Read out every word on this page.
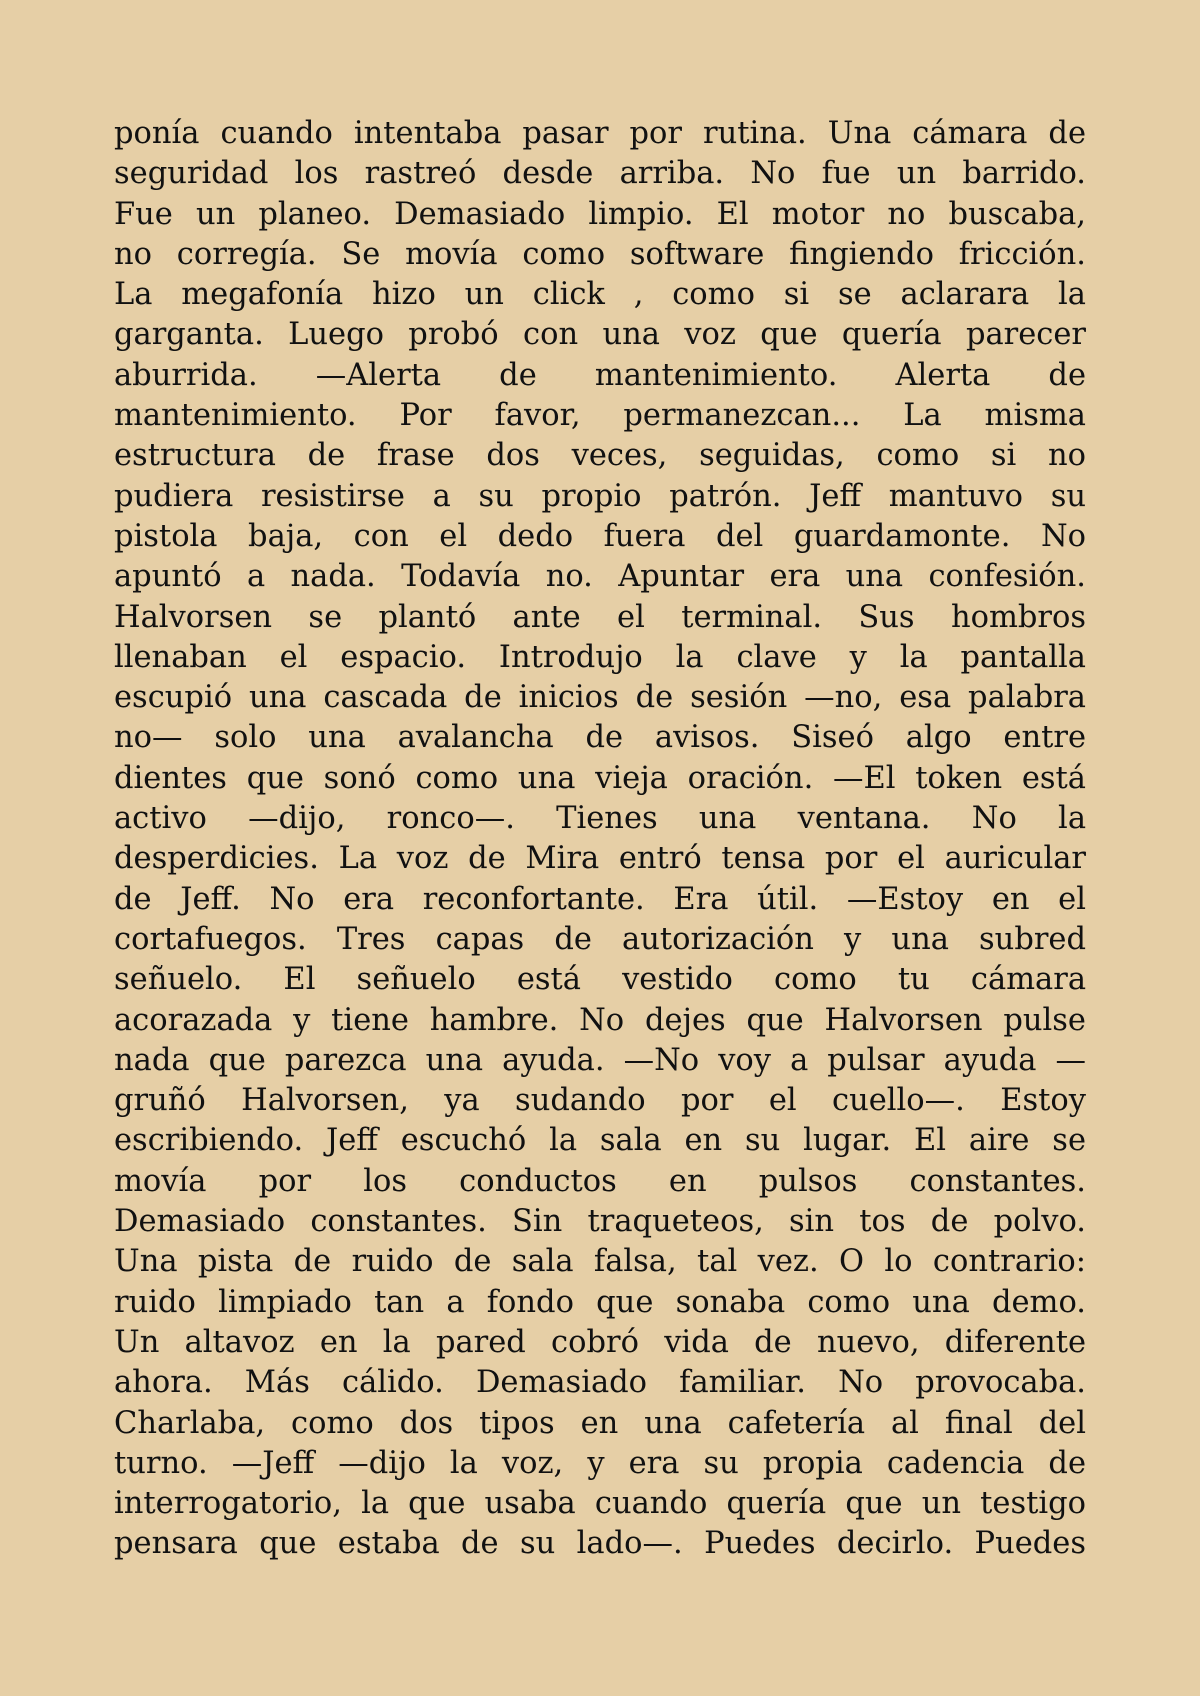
ponía cuando intentaba pasar por rutina. Una cámara de
seguridad los rastreó desde arriba. No fue un barrido.
Fue un planeo. Demasiado limpio. El motor no buscaba,
no corregía. Se movía como software fingiendo fricción.
La megafonía hizo un click , como si se aclarara la
garganta. Luego probó con una voz que quería parecer
aburrida. —Alerta de mantenimiento. Alerta de
mantenimiento. Por favor, permanezcan... La misma
estructura de frase dos veces, seguidas, como si no
pudiera resistirse a su propio patrón. Jeff mantuvo su
pistola baja, con el dedo fuera del guardamonte. No
apuntó a nada. Todavía no. Apuntar era una confesión.
Halvorsen se plantó ante el terminal. Sus hombros
llenaban el espacio. Introdujo la clave y la pantalla
escupió una cascada de inicios de sesión —no, esa palabra
no— solo una avalancha de avisos. Siseó algo entre
dientes que sonó como una vieja oración. —El token está
activo —dijo, ronco—. Tienes una ventana. No la
desperdicies. La voz de Mira entró tensa por el auricular
de Jeff. No era reconfortante. Era útil. —Estoy en el
cortafuegos. Tres capas de autorización y una subred
señuelo. El señuelo está vestido como tu cámara
acorazada y tiene hambre. No dejes que Halvorsen pulse
nada que parezca una ayuda. —No voy a pulsar ayuda —
gruñó Halvorsen, ya sudando por el cuello—. Estoy
escribiendo. Jeff escuchó la sala en su lugar. El aire se
movía por los conductos en pulsos constantes.
Demasiado constantes. Sin traqueteos, sin tos de polvo.
Una pista de ruido de sala falsa, tal vez. O lo contrario:
ruido limpiado tan a fondo que sonaba como una demo.
Un altavoz en la pared cobró vida de nuevo, diferente
ahora. Más cálido. Demasiado familiar. No provocaba.
Charlaba, como dos tipos en una cafetería al final del
turno. —Jeff —dijo la voz, y era su propia cadencia de
interrogatorio, la que usaba cuando quería que un testigo
pensara que estaba de su lado—. Puedes decirlo. Puedes
